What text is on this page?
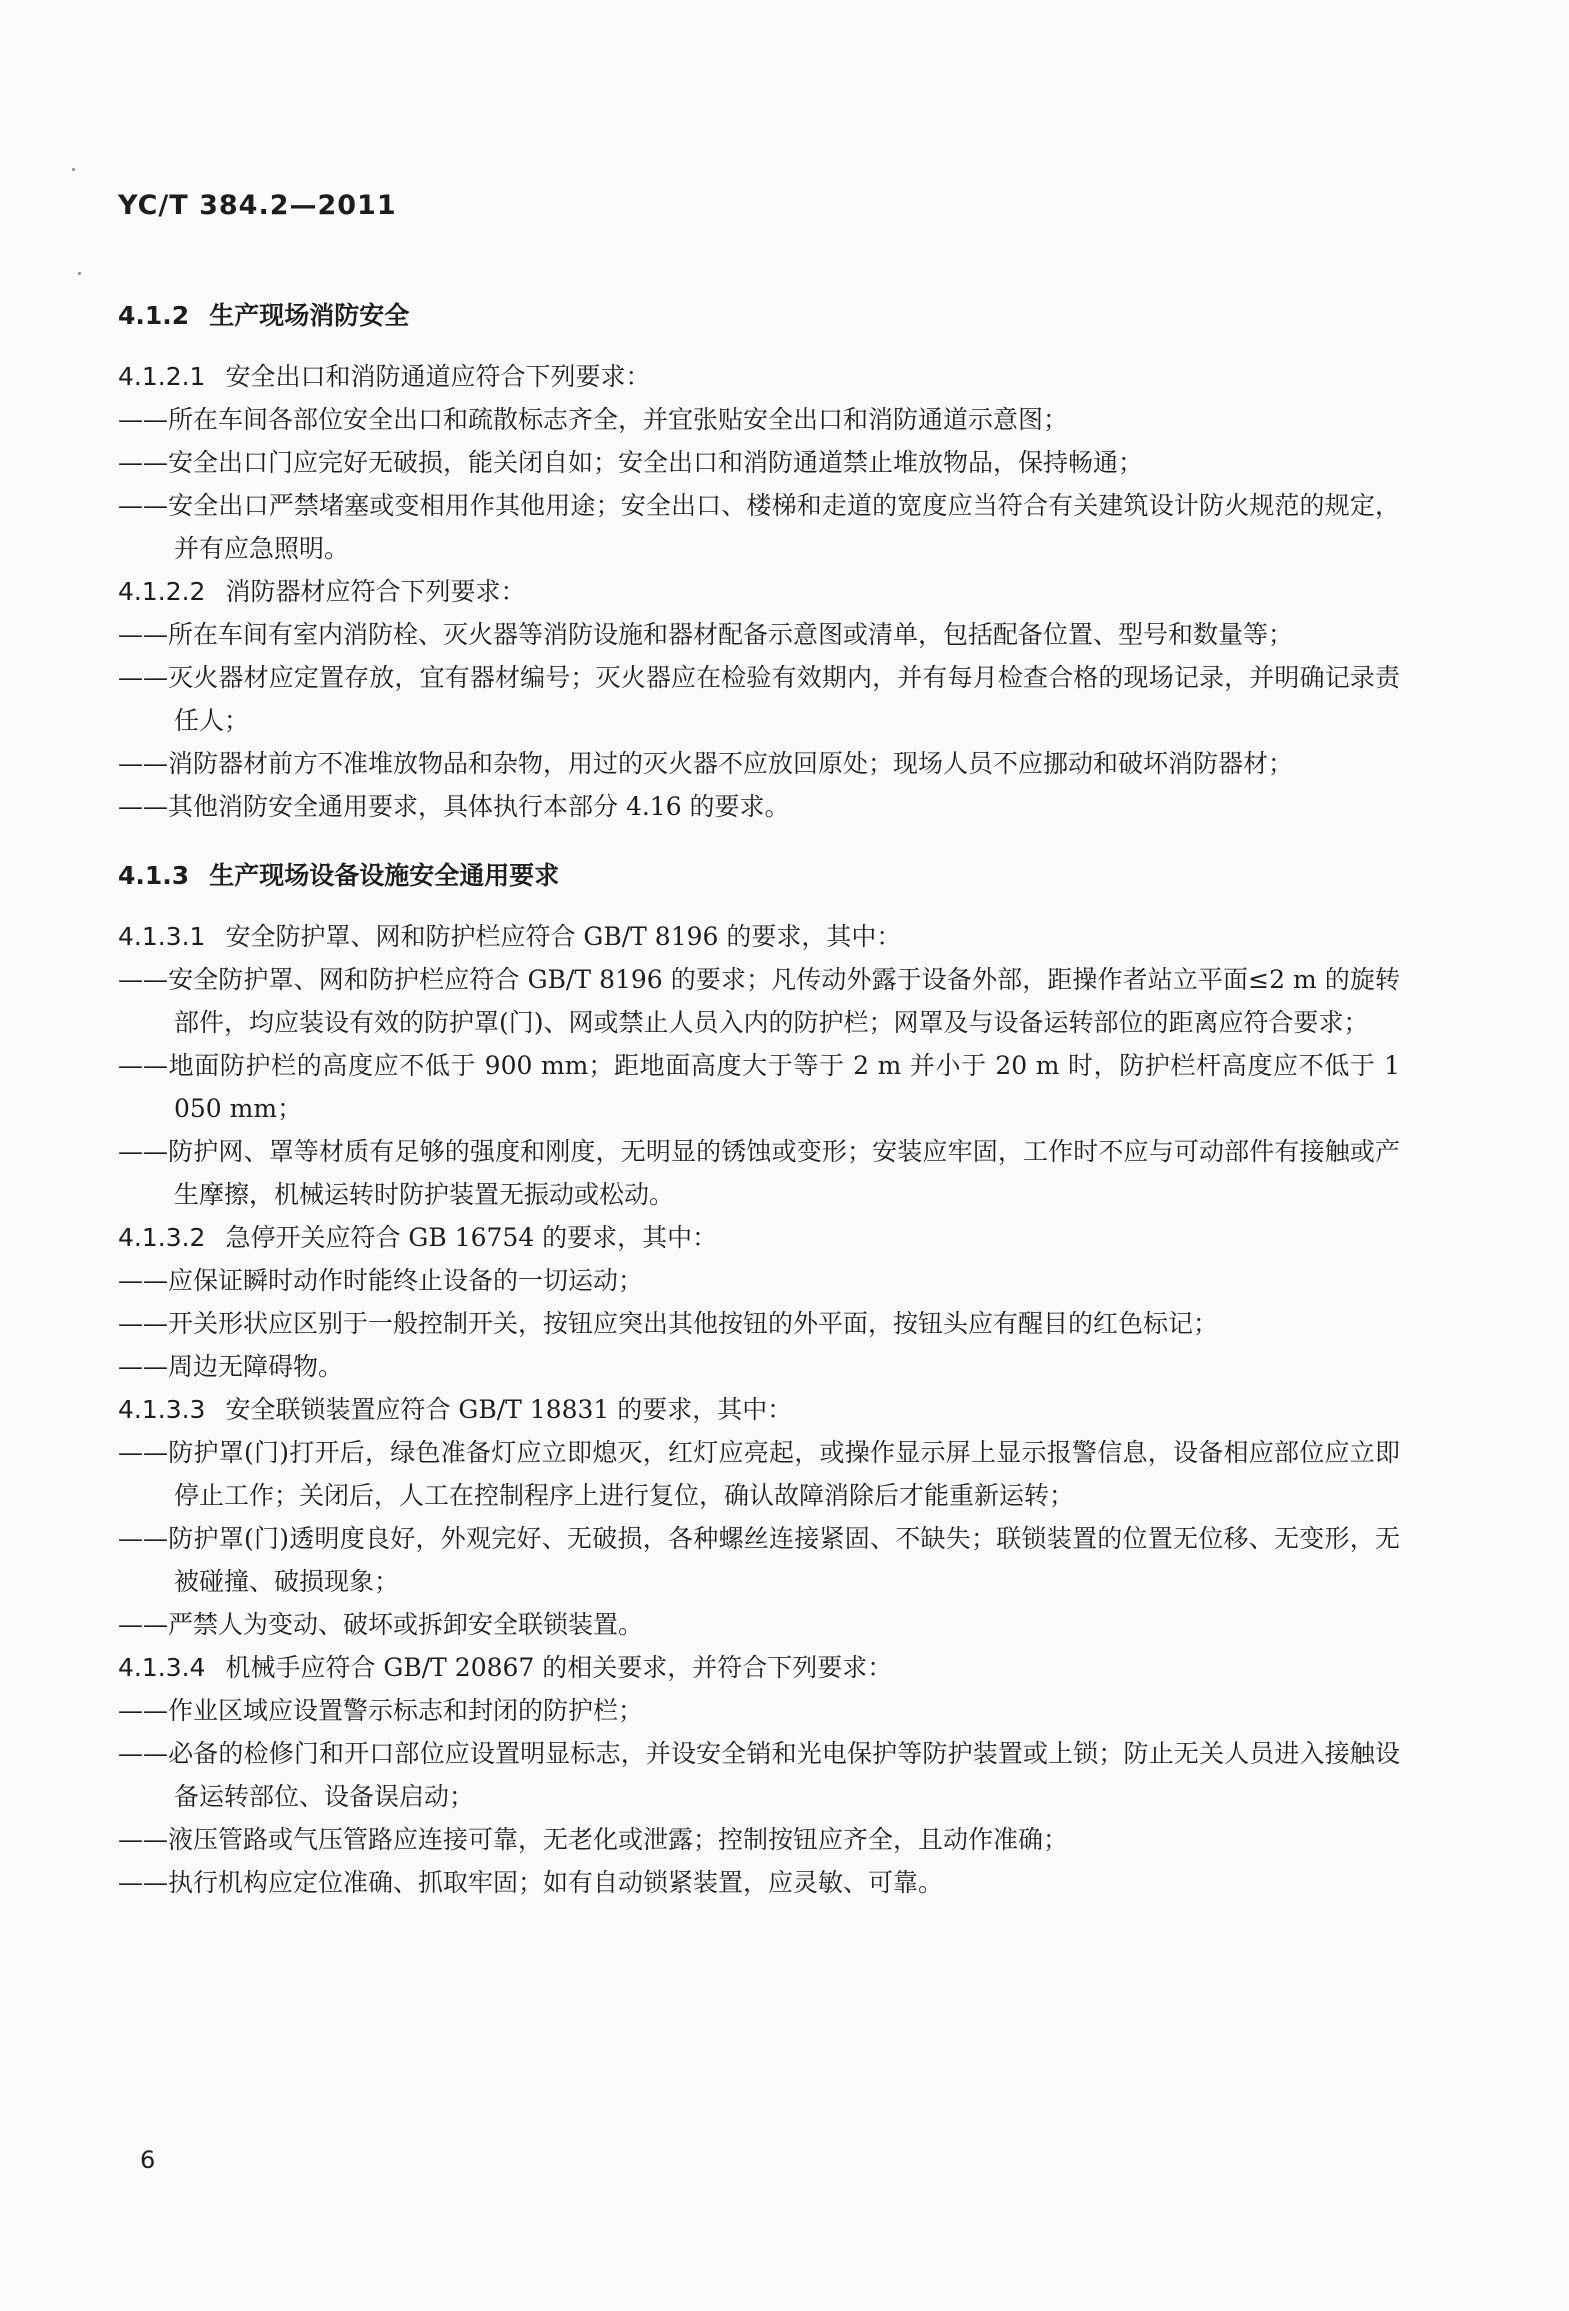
YC/T 384.2—2011
4.1.2 生产现场消防安全
4.1.2.1 安全出口和消防通道应符合下列要求：
——所在车间各部位安全出口和疏散标志齐全，并宜张贴安全出口和消防通道示意图；
——安全出口门应完好无破损，能关闭自如；安全出口和消防通道禁止堆放物品，保持畅通；
——安全出口严禁堵塞或变相用作其他用途；安全出口、楼梯和走道的宽度应当符合有关建筑设计防火规范的规定，并有应急照明。
4.1.2.2 消防器材应符合下列要求：
——所在车间有室内消防栓、灭火器等消防设施和器材配备示意图或清单，包括配备位置、型号和数量等；
——灭火器材应定置存放，宜有器材编号；灭火器应在检验有效期内，并有每月检查合格的现场记录，并明确记录责任人；
——消防器材前方不准堆放物品和杂物，用过的灭火器不应放回原处；现场人员不应挪动和破坏消防器材；
——其他消防安全通用要求，具体执行本部分 4.16 的要求。
4.1.3 生产现场设备设施安全通用要求
4.1.3.1 安全防护罩、网和防护栏应符合 GB/T 8196 的要求，其中：
——安全防护罩、网和防护栏应符合 GB/T 8196 的要求；凡传动外露于设备外部，距操作者站立平面≤2 m 的旋转部件，均应装设有效的防护罩(门)、网或禁止人员入内的防护栏；网罩及与设备运转部位的距离应符合要求；
——地面防护栏的高度应不低于 900 mm；距地面高度大于等于 2 m 并小于 20 m 时，防护栏杆高度应不低于 1 050 mm；
——防护网、罩等材质有足够的强度和刚度，无明显的锈蚀或变形；安装应牢固，工作时不应与可动部件有接触或产生摩擦，机械运转时防护装置无振动或松动。
4.1.3.2 急停开关应符合 GB 16754 的要求，其中：
——应保证瞬时动作时能终止设备的一切运动；
——开关形状应区别于一般控制开关，按钮应突出其他按钮的外平面，按钮头应有醒目的红色标记；
——周边无障碍物。
4.1.3.3 安全联锁装置应符合 GB/T 18831 的要求，其中：
——防护罩(门)打开后，绿色准备灯应立即熄灭，红灯应亮起，或操作显示屏上显示报警信息，设备相应部位应立即停止工作；关闭后，人工在控制程序上进行复位，确认故障消除后才能重新运转；
——防护罩(门)透明度良好，外观完好、无破损，各种螺丝连接紧固、不缺失；联锁装置的位置无位移、无变形，无被碰撞、破损现象；
——严禁人为变动、破坏或拆卸安全联锁装置。
4.1.3.4 机械手应符合 GB/T 20867 的相关要求，并符合下列要求：
——作业区域应设置警示标志和封闭的防护栏；
——必备的检修门和开口部位应设置明显标志，并设安全销和光电保护等防护装置或上锁；防止无关人员进入接触设备运转部位、设备误启动；
——液压管路或气压管路应连接可靠，无老化或泄露；控制按钮应齐全，且动作准确；
——执行机构应定位准确、抓取牢固；如有自动锁紧装置，应灵敏、可靠。
6
